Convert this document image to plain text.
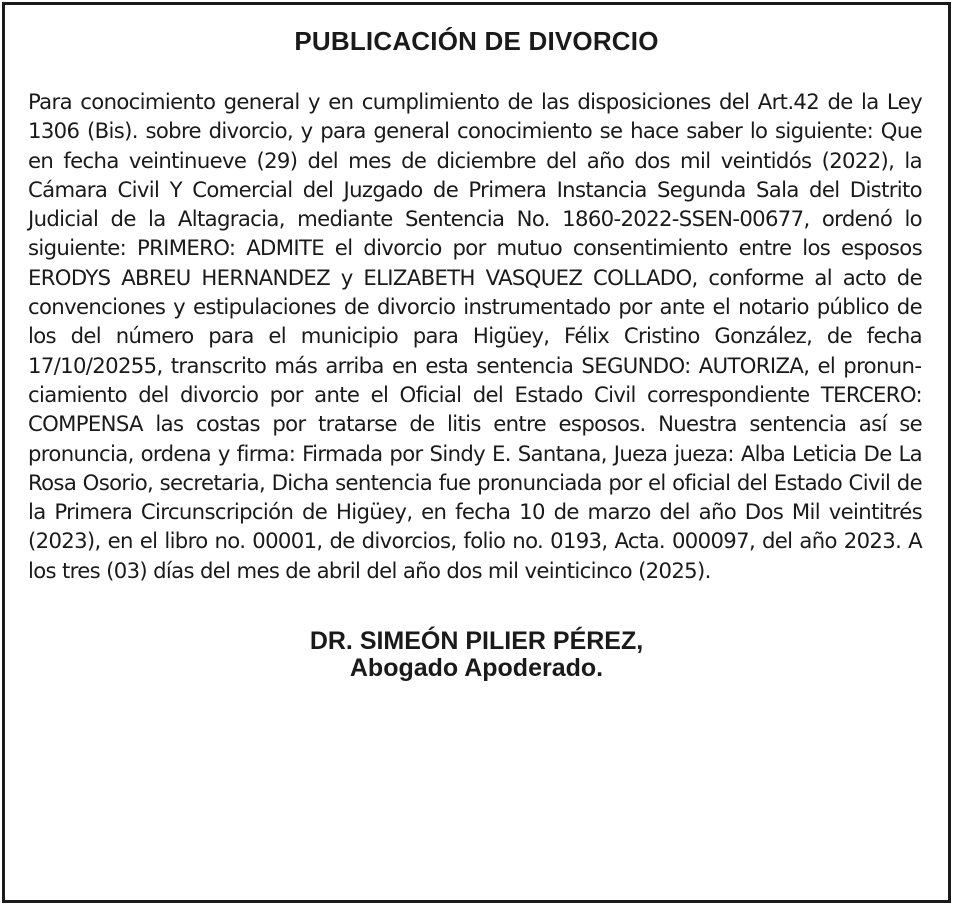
PUBLICACIÓN DE DIVORCIO
Para conocimiento general y en cumplimiento de las disposiciones del Art.42 de la Ley 1306 (Bis). sobre divorcio, y para general conocimiento se hace saber lo siguiente: Que en fecha veintinueve (29) del mes de diciembre del año dos mil veintidós (2022), la Cámara Civil Y Comercial del Juzgado de Primera Instancia Segunda Sala del Distrito Judicial de la Altagracia, mediante Sentencia No. 1860-2022-SSEN-00677, ordenó lo siguiente: PRIMERO: ADMITE el divorcio por mutuo consentimiento entre los esposos ERODYS ABREU HERNANDEZ y ELIZABETH VASQUEZ COLLADO, conforme al acto de convenciones y estipulaciones de divorcio instrumentado por ante el notario público de los del número para el municipio para Higüey, Félix Cristino González, de fecha 17/10/20255, transcrito más arriba en esta sentencia SEGUNDO: AUTORIZA, el pronunciamiento del divorcio por ante el Oficial del Estado Civil correspondiente TERCERO: COMPENSA las costas por tratarse de litis entre esposos. Nuestra sentencia así se pronuncia, ordena y firma: Firmada por Sindy E. Santana, Jueza jueza: Alba Leticia De La Rosa Osorio, secretaria, Dicha sentencia fue pronunciada por el oficial del Estado Civil de la Primera Circunscripción de Higüey, en fecha 10 de marzo del año Dos Mil veintitrés (2023), en el libro no. 00001, de divorcios, folio no. 0193, Acta. 000097, del año 2023. A los tres (03) días del mes de abril del año dos mil veinticinco (2025).
DR. SIMEÓN PILIER PÉREZ,
Abogado Apoderado.
